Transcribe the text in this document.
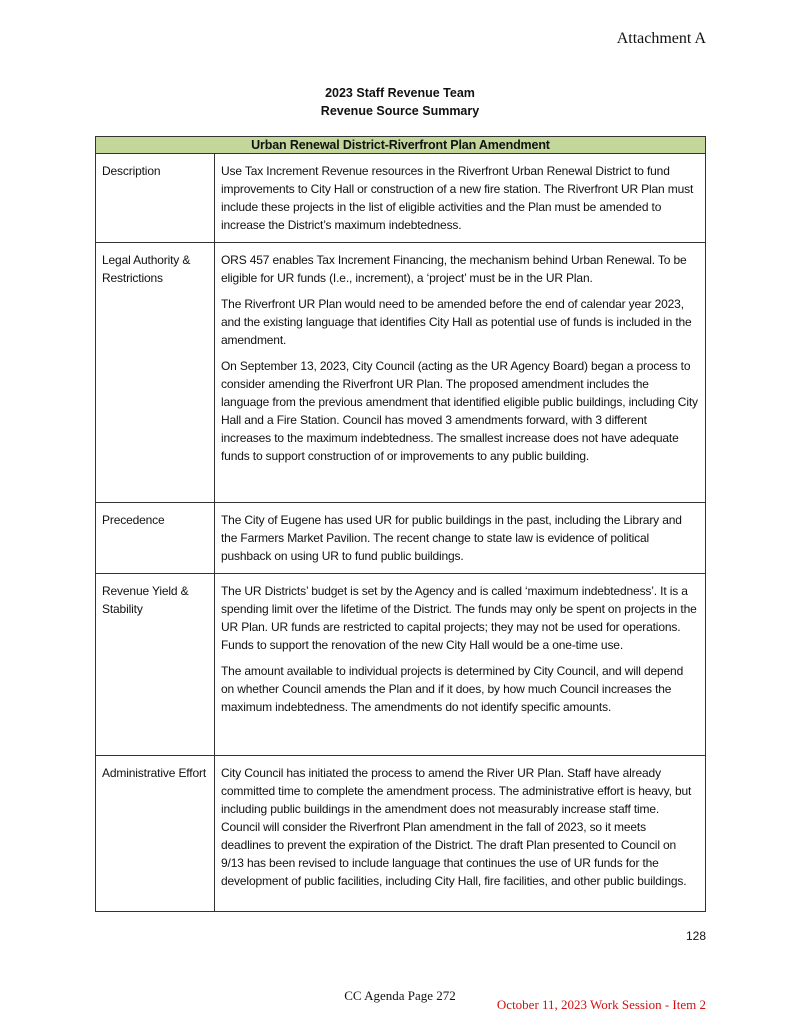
Attachment A
2023 Staff Revenue Team
Revenue Source Summary
Urban Renewal District-Riverfront Plan Amendment	
Description	Use Tax Increment Revenue resources in the Riverfront Urban Renewal District to fund improvements to City Hall or construction of a new fire station. The Riverfront UR Plan must include these projects in the list of eligible activities and the Plan must be amended to increase the District’s maximum indebtedness.

Legal Authority & Restrictions	ORS 457 enables Tax Increment Financing, the mechanism behind Urban Renewal. To be eligible for UR funds (I.e., increment), a ‘project’ must be in the UR Plan.

The Riverfront UR Plan would need to be amended before the end of calendar year 2023, and the existing language that identifies City Hall as potential use of funds is included in the amendment.

On September 13, 2023, City Council (acting as the UR Agency Board) began a process to consider amending the Riverfront UR Plan. The proposed amendment includes the language from the previous amendment that identified eligible public buildings, including City Hall and a Fire Station. Council has moved 3 amendments forward, with 3 different increases to the maximum indebtedness. The smallest increase does not have adequate funds to support construction of or improvements to any public building.

Precedence	The City of Eugene has used UR for public buildings in the past, including the Library and the Farmers Market Pavilion. The recent change to state law is evidence of political pushback on using UR to fund public buildings.

Revenue Yield & Stability	The UR Districts’ budget is set by the Agency and is called ‘maximum indebtedness’. It is a spending limit over the lifetime of the District. The funds may only be spent on projects in the UR Plan. UR funds are restricted to capital projects; they may not be used for operations. Funds to support the renovation of the new City Hall would be a one-time use.

The amount available to individual projects is determined by City Council, and will depend on whether Council amends the Plan and if it does, by how much Council increases the maximum indebtedness. The amendments do not identify specific amounts.

Administrative Effort	City Council has initiated the process to amend the River UR Plan. Staff have already committed time to complete the amendment process. The administrative effort is heavy, but including public buildings in the amendment does not measurably increase staff time. Council will consider the Riverfront Plan amendment in the fall of 2023, so it meets deadlines to prevent the expiration of the District. The draft Plan presented to Council on 9/13 has been revised to include language that continues the use of UR funds for the development of public facilities, including City Hall, fire facilities, and other public buildings.

128
CC Agenda Page 272
October 11, 2023 Work Session - Item 2
